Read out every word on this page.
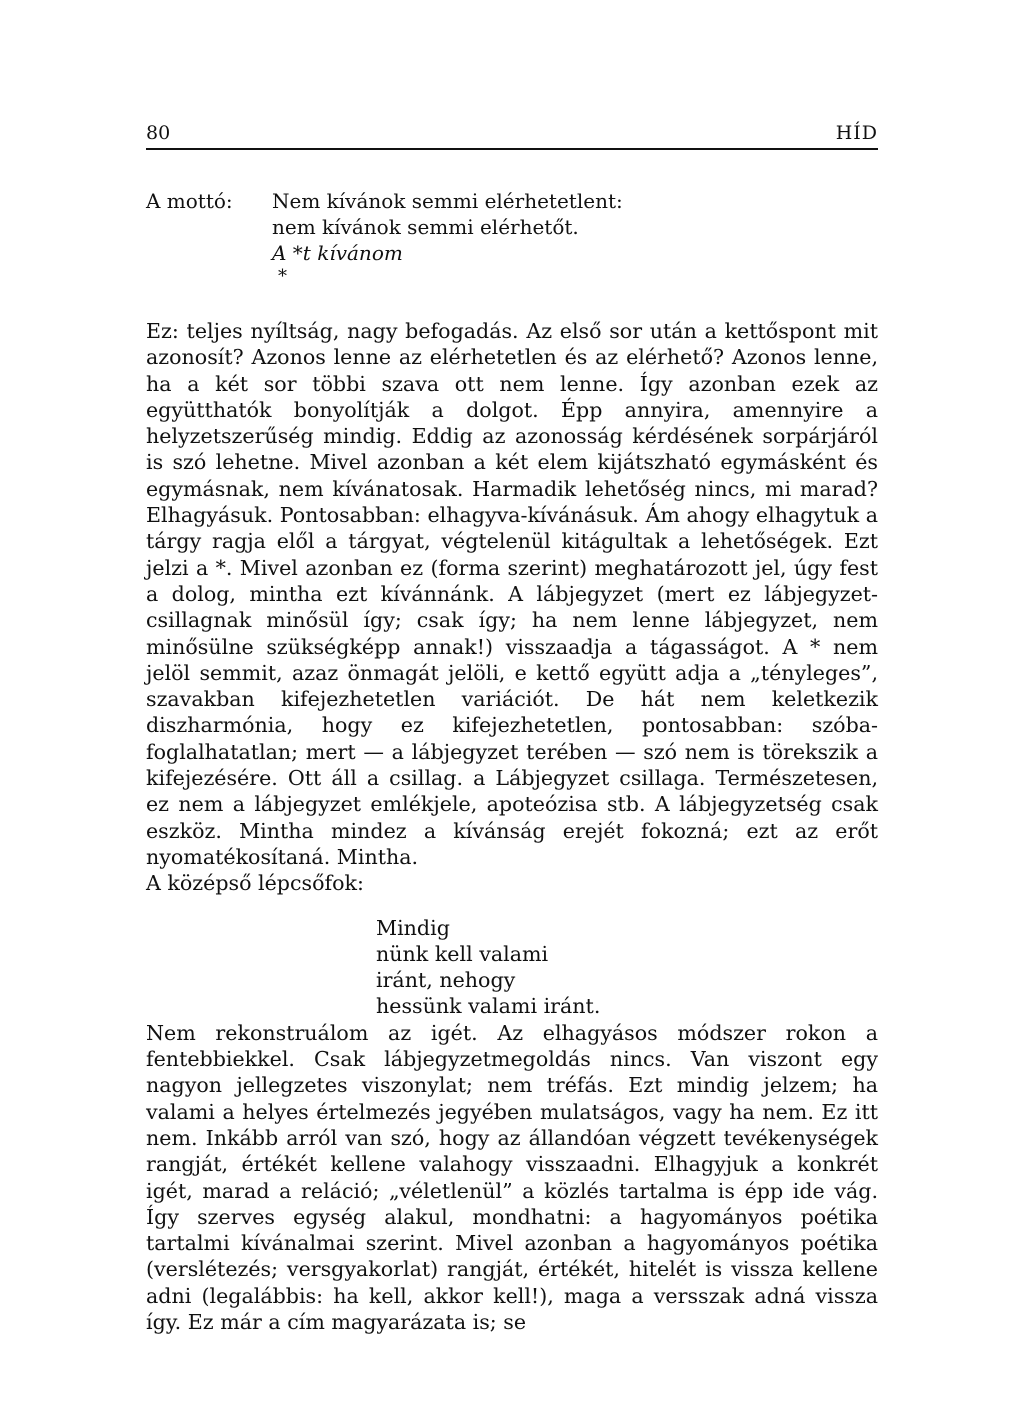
80	HÍD
A mottó:	Nem kívánok semmi elérhetetlent:
nem kívánok semmi elérhetőt.
A *t kívánom
*

Ez: teljes nyíltság, nagy befogadás. Az első sor után a kettőspont mit azonosít? Azonos lenne az elérhetetlen és az elérhető? Azonos lenne, ha a két sor többi szava ott nem lenne. Így azonban ezek az együtthatók bonyolítják a dolgot. Épp annyira, amennyire a helyzetszerűség mindig. Eddig az azonosság kérdésének sorpárjáról is szó lehetne. Mivel azonban a két elem kijátszható egymásként és egymásnak, nem kívánatosak. Harmadik lehetőség nincs, mi marad? Elhagyásuk. Pontosabban: elhagyva-kívánásuk. Ám ahogy elhagytuk a tárgy ragja elől a tárgyat, végtelenül kitágultak a lehetőségek. Ezt jelzi a *. Mivel azonban ez (forma szerint) meghatározott jel, úgy fest a dolog, mintha ezt kívánnánk. A lábjegyzet (mert ez lábjegyzet-csillagnak minősül így; csak így; ha nem lenne lábjegyzet, nem minősülne szükségképp annak!) visszaadja a tágasságot. A * nem jelöl semmit, azaz önmagát jelöli, e kettő együtt adja a „tényleges”, szavakban kifejezhetetlen variációt. De hát nem keletkezik diszharmónia, hogy ez kifejezhetetlen, pontosabban: szóba-foglalhatatlan; mert — a lábjegyzet terében — szó nem is törekszik a kifejezésére. Ott áll a csillag. a Lábjegyzet csillaga. Természetesen, ez nem a lábjegyzet emlékjele, apoteózisa stb. A lábjegyzetség csak eszköz. Mintha mindez a kívánság erejét fokozná; ezt az erőt nyomatékosítaná. Mintha.

A középső lépcsőfok:
Mindig
nünk kell valami
iránt, nehogy
hessünk valami iránt.

Nem rekonstruálom az igét. Az elhagyásos módszer rokon a fentebbiekkel. Csak lábjegyzetmegoldás nincs. Van viszont egy nagyon jellegzetes viszonylat; nem tréfás. Ezt mindig jelzem; ha valami a helyes értelmezés jegyében mulatságos, vagy ha nem. Ez itt nem. Inkább arról van szó, hogy az állandóan végzett tevékenységek rangját, értékét kellene valahogy visszaadni. Elhagyjuk a konkrét igét, marad a reláció; „véletlenül” a közlés tartalma is épp ide vág. Így szerves egység alakul, mondhatni: a hagyományos poétika tartalmi kívánalmai szerint. Mivel azonban a hagyományos poétika (verslétezés; versgyakorlat) rangját, értékét, hitelét is vissza kellene adni (legalábbis: ha kell, akkor kell!), maga a versszak adná vissza így. Ez már a cím magyarázata is; se
